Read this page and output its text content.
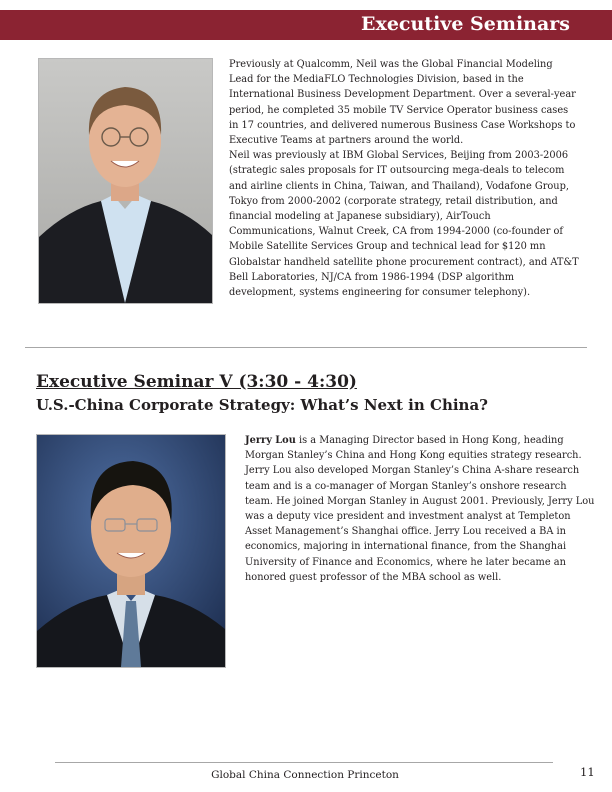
Executive Seminars

Previously at Qualcomm, Neil was the Global Financial Modeling Lead for the MediaFLO Technologies Division, based in the International Business Development Department. Over a several-year period, he completed 35 mobile TV Service Operator business cases in 17 countries, and delivered numerous Business Case Workshops to Executive Teams at partners around the world.

Neil was previously at IBM Global Services, Beijing from 2003-2006 (strategic sales proposals for IT outsourcing mega-deals to telecom and airline clients in China, Taiwan, and Thailand), Vodafone Group, Tokyo from 2000-2002 (corporate strategy, retail distribution, and financial modeling at Japanese subsidiary), AirTouch Communications, Walnut Creek, CA from 1994-2000 (co-founder of Mobile Satellite Services Group and technical lead for $120 mn Globalstar handheld satellite phone procurement contract), and AT&T Bell Laboratories, NJ/CA from 1986-1994 (DSP algorithm development, systems engineering for consumer telephony).

Executive Seminar V (3:30 - 4:30)
U.S.-China Corporate Strategy: What’s Next in China?

Jerry Lou is a Managing Director based in Hong Kong, heading Morgan Stanley’s China and Hong Kong equities strategy research. Jerry Lou also developed Morgan Stanley’s China A-share research team and is a co-manager of Morgan Stanley’s onshore research team. He joined Morgan Stanley in August 2001. Previously, Jerry Lou was a deputy vice president and investment analyst at Templeton Asset Management’s Shanghai office. Jerry Lou received a BA in economics, majoring in international finance, from the Shanghai University of Finance and Economics, where he later became an honored guest professor of the MBA school as well.

Global China Connection Princeton	11
